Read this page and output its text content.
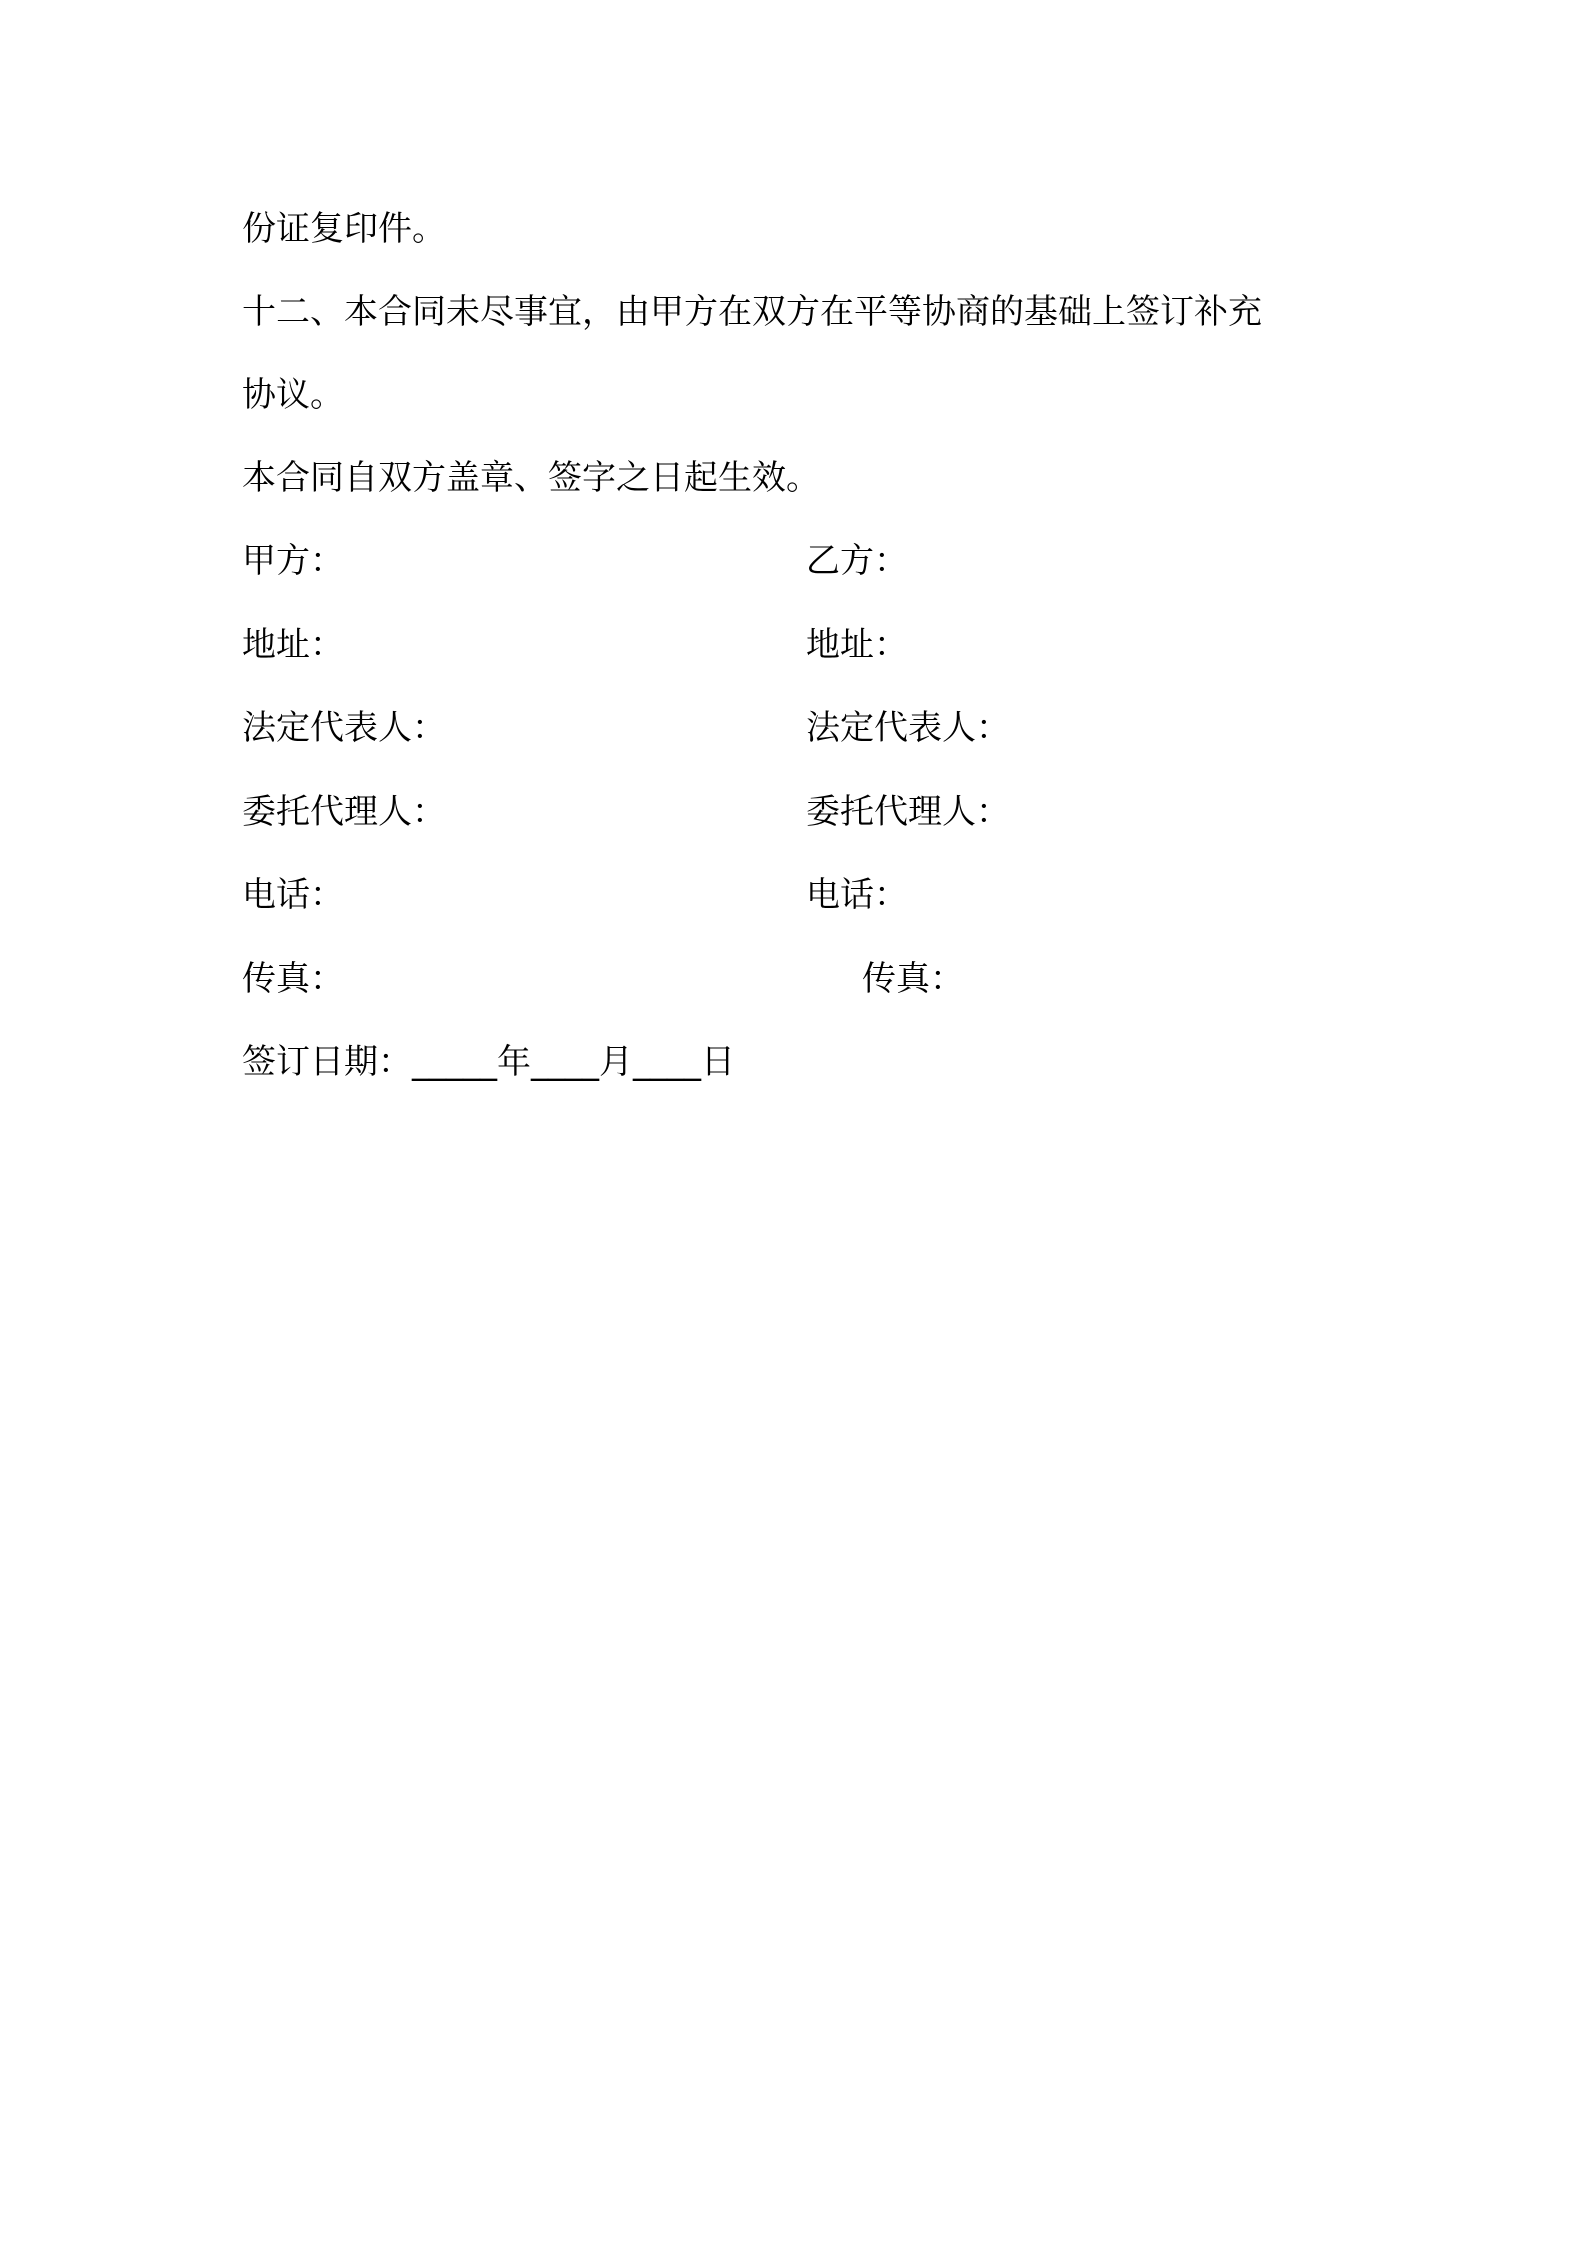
份证复印件。
十二、本合同未尽事宜，由甲方在双方在平等协商的基础上签订补充
协议。
本合同自双方盖章、签字之日起生效。
甲方：	乙方：
地址：	地址：
法定代表人：	法定代表人：
委托代理人：	委托代理人：
电话：	电话：
传真：	传真：
签订日期：_____年____月____日
